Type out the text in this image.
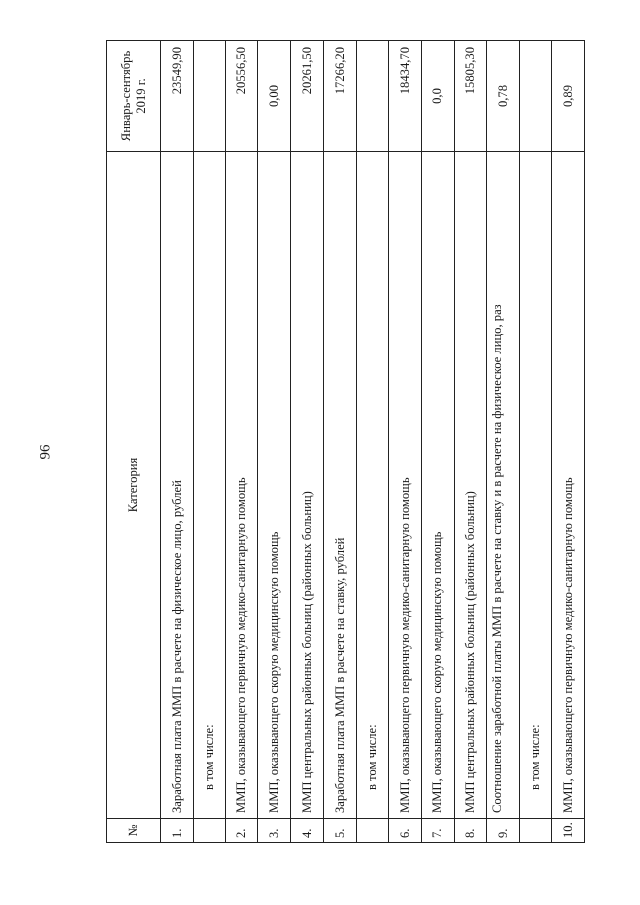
96
№	Категория	Январь-сентябрь 2019 г.
1.	Заработная плата ММП в расчете на физическое лицо, рублей	23549,90
	в том числе:	
2.	ММП, оказывающего первичную медико-санитарную помощь	20556,50
3.	ММП, оказывающего скорую медицинскую помощь	0,00
4.	ММП центральных районных больниц (районных больниц)	20261,50
5.	Заработная плата ММП в расчете на ставку, рублей	17266,20
	в том числе:	
6.	ММП, оказывающего первичную медико-санитарную помощь	18434,70
7.	ММП, оказывающего скорую медицинскую помощь	0,0
8.	ММП центральных районных больниц (районных больниц)	15805,30
9.	Соотношение заработной платы ММП в расчете на ставку и в расчете на физическое лицо, раз	0,78
	в том числе:	
10.	ММП, оказывающего первичную медико-санитарную помощь	0,89
